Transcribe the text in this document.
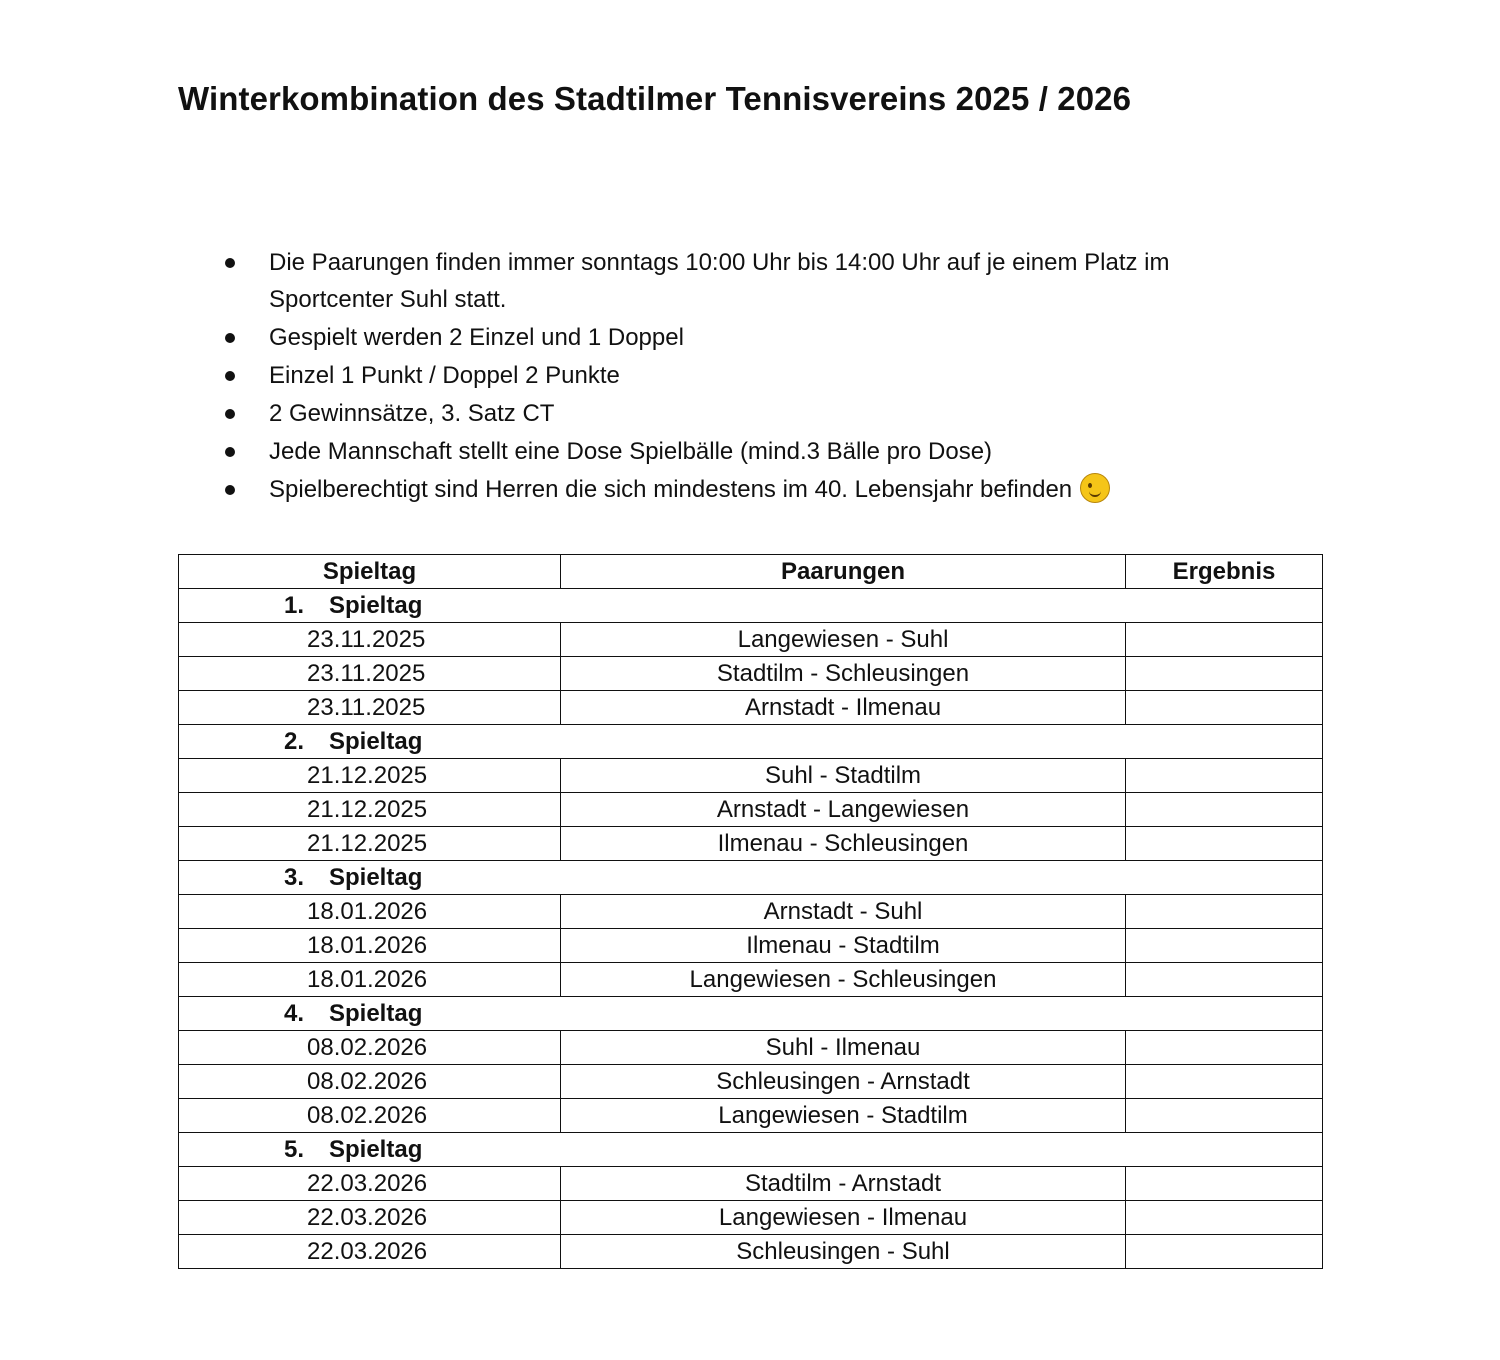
Winterkombination des Stadtilmer Tennisvereins 2025 / 2026
Die Paarungen finden immer sonntags 10:00 Uhr bis 14:00 Uhr auf je einem Platz im Sportcenter Suhl statt.
Gespielt werden 2 Einzel und 1 Doppel
Einzel 1 Punkt / Doppel 2 Punkte
2 Gewinnsätze, 3. Satz CT
Jede Mannschaft stellt eine Dose Spielbälle (mind.3 Bälle pro Dose)
Spielberechtigt sind Herren die sich mindestens im 40. Lebensjahr befinden
Spieltag	Paarungen	Ergebnis
1. Spieltag		
23.11.2025	Langewiesen - Suhl	
23.11.2025	Stadtilm - Schleusingen	
23.11.2025	Arnstadt - Ilmenau	
2. Spieltag		
21.12.2025	Suhl - Stadtilm	
21.12.2025	Arnstadt - Langewiesen	
21.12.2025	Ilmenau - Schleusingen	
3. Spieltag		
18.01.2026	Arnstadt - Suhl	
18.01.2026	Ilmenau - Stadtilm	
18.01.2026	Langewiesen - Schleusingen	
4. Spieltag		
08.02.2026	Suhl - Ilmenau	
08.02.2026	Schleusingen - Arnstadt	
08.02.2026	Langewiesen - Stadtilm	
5. Spieltag		
22.03.2026	Stadtilm - Arnstadt	
22.03.2026	Langewiesen - Ilmenau	
22.03.2026	Schleusingen - Suhl	
